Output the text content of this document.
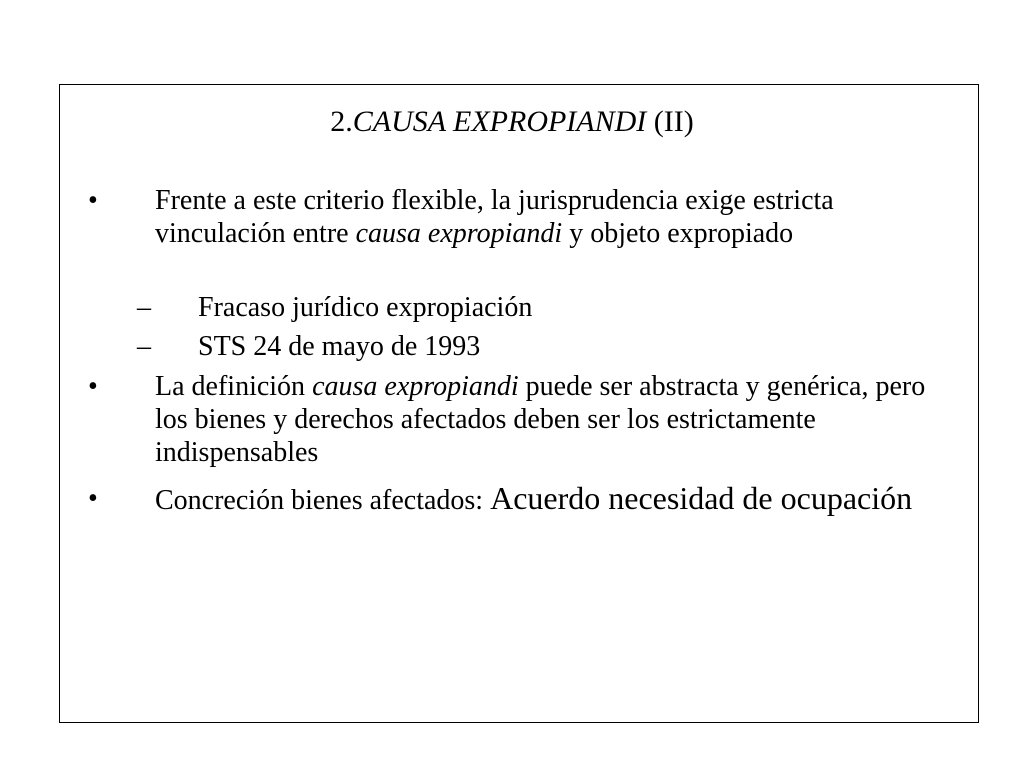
2.CAUSA EXPROPIANDI (II)
• Frente a este criterio flexible, la jurisprudencia exige estricta vinculación entre causa expropiandi y objeto expropiado
– Fracaso jurídico expropiación
– STS 24 de mayo de 1993
• La definición causa expropiandi puede ser abstracta y genérica, pero los bienes y derechos afectados deben ser los estrictamente indispensables
• Concreción bienes afectados: Acuerdo necesidad de ocupación
